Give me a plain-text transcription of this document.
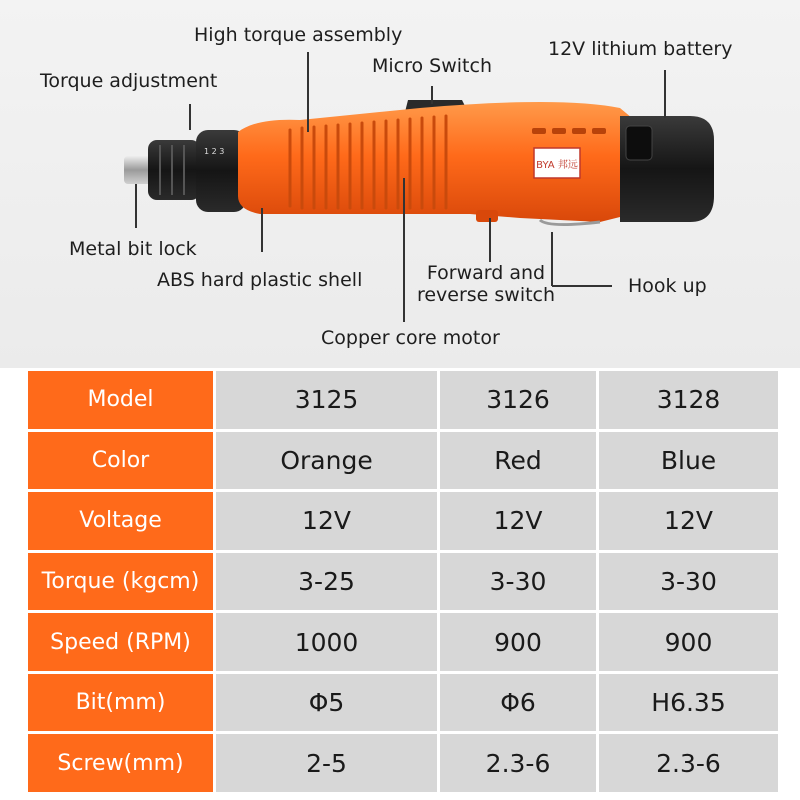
1 2 3
BYA 邦远
High torque assembly
12V lithium battery
Torque adjustment
Micro Switch
Metal bit lock
ABS hard plastic shell	Forward and
reverse switch	Hook up
Copper core motor
Model	3125	3126	3128
Color	Orange	Red	Blue
Voltage	12V	12V	12V
Torque (kgcm)	3-25	3-30	3-30
Speed (RPM)	1000	900	900
Bit(mm)	Φ5	Φ6	H6.35
Screw(mm)	2-5	2.3-6	2.3-6
